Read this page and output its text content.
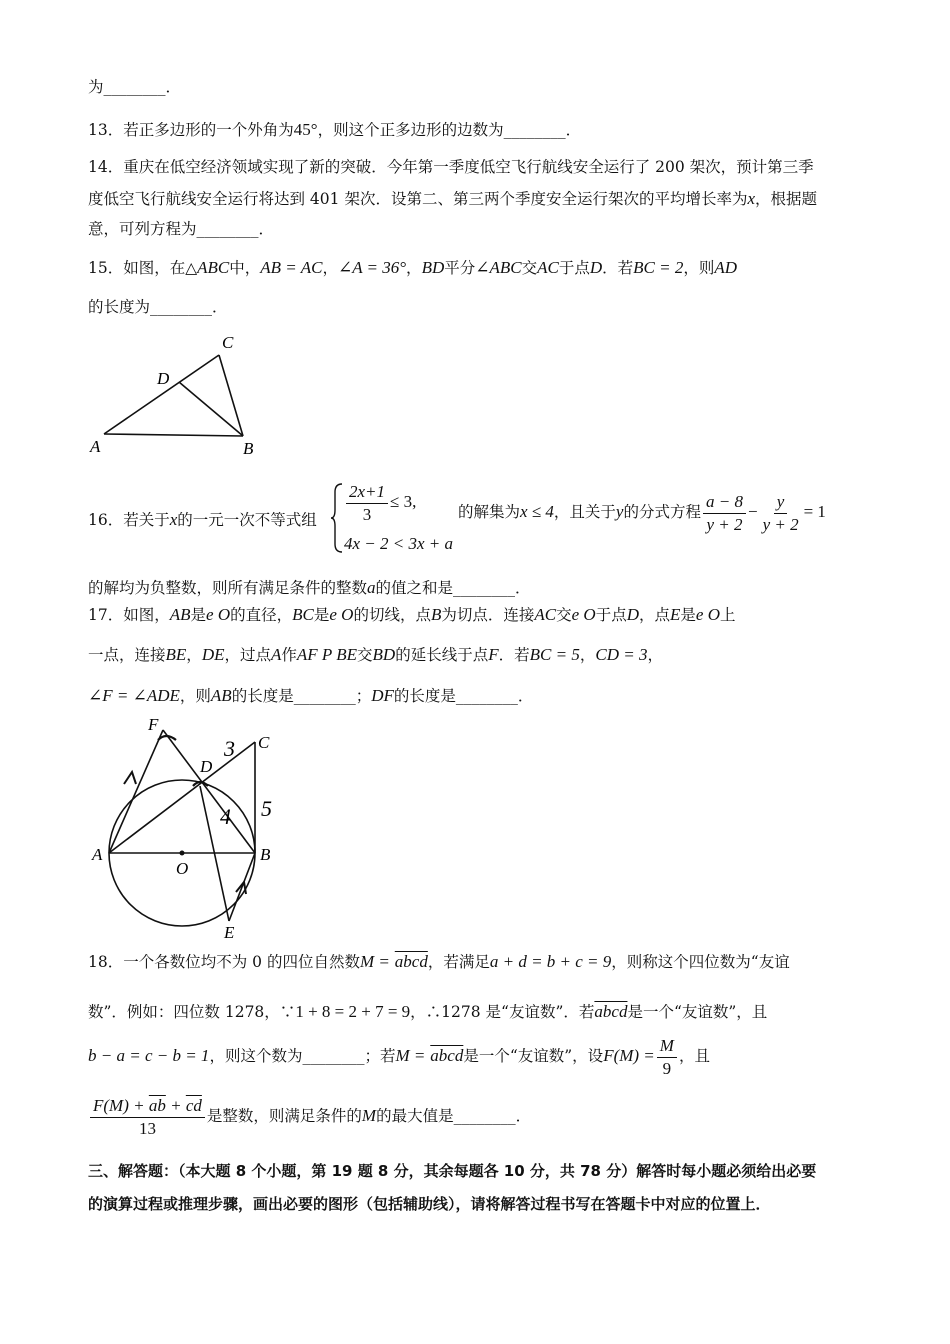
为________．
13．若正多边形的一个外角为45°，则这个正多边形的边数为________．
14．重庆在低空经济领域实现了新的突破．今年第一季度低空飞行航线安全运行了 200 架次，预计第三季
度低空飞行航线安全运行将达到 401 架次．设第二、第三两个季度安全运行架次的平均增长率为x，根据题
意，可列方程为________．
15．如图，在△ABC中，AB = AC，∠A = 36°，BD平分∠ABC交AC于点D．若BC = 2，则AD
的长度为________．
C
D
A	B
16．若关于x的一元一次不等式组 $\frac{2x+1}{3} \le 3$,
4x − 2 < 3x + a
的解集为x ≤ 4，且关于y的分式方程 $\frac{a - 8}{y + 2} - \frac{y}{y + 2} = 1$
的解均为负整数，则所有满足条件的整数a的值之和是________．
17．如图，AB是e O的直径，BC是e O的切线，点B为切点．连接AC交e O于点D，点E是e O上
一点，连接BE，DE，过点A作AF P BE交BD的延长线于点F．若BC = 5，CD = 3，
∠F = ∠ADE，则AB的长度是________；DF的长度是________．
F
C
D
A
O
B
E
3
4 5
18．一个各数位均不为 0 的四位自然数M = abcd，若满足a + d = b + c = 9，则称这个四位数为“友谊
数”．例如：四位数 1278，∵1 + 8 = 2 + 7 = 9，∴1278 是“友谊数”．若abcd是一个“友谊数”，且
b − a = c − b = 1，则这个数为________；若M = abcd是一个“友谊数”，设$F(M) = \frac{M}{9}$ ，且
$\frac{F(M) + \overline{ab} + \overline{cd}}{13}$ 是整数，则满足条件的M的最大值是________．
三、解答题：（本大题 8 个小题，第 19 题 8 分，其余每题各 10 分，共 78 分）解答时每小题必须给出必要
的演算过程或推理步骤，画出必要的图形（包括辅助线），请将解答过程书写在答题卡中对应的位置上．
